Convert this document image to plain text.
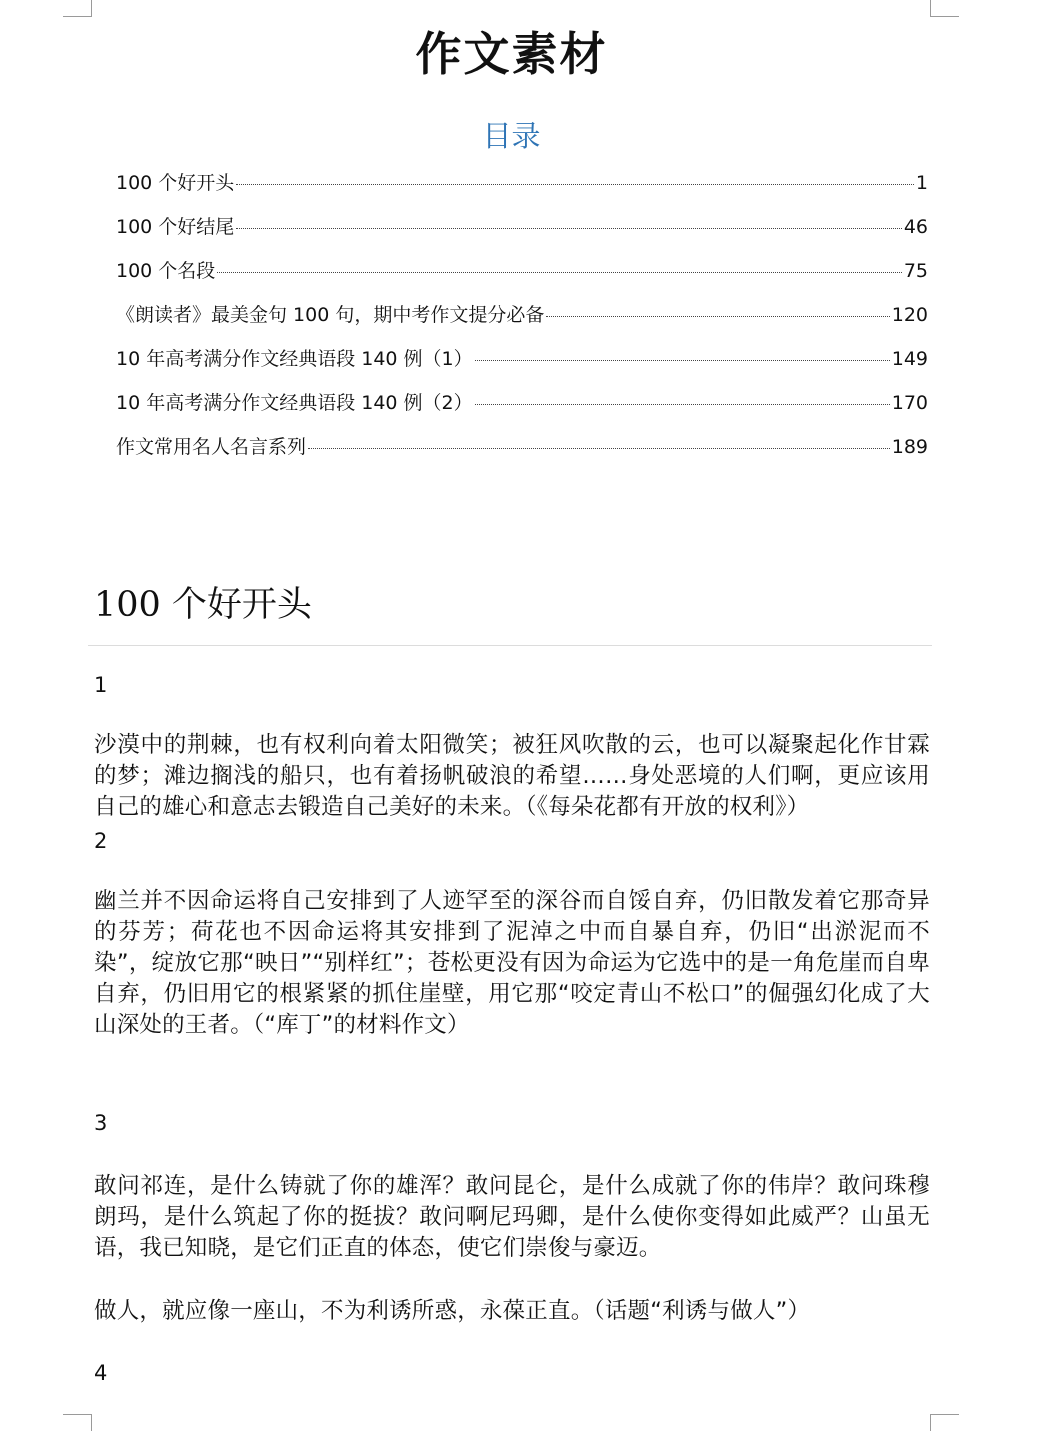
作文素材
目录
100 个好开头	1
100 个好结尾	46
100 个名段	75
《朗读者》最美金句 100 句，期中考作文提分必备	120
10 年高考满分作文经典语段 140 例（1）	149
10 年高考满分作文经典语段 140 例（2）	170
作文常用名人名言系列	189
100 个好开头
1
沙漠中的荆棘，也有权利向着太阳微笑；被狂风吹散的云，也可以凝聚起化作甘霖的梦；滩边搁浅的船只，也有着扬帆破浪的希望……身处恶境的人们啊，更应该用自己的雄心和意志去锻造自己美好的未来。（《每朵花都有开放的权利》）
2
幽兰并不因命运将自己安排到了人迹罕至的深谷而自馁自弃，仍旧散发着它那奇异的芬芳；荷花也不因命运将其安排到了泥淖之中而自暴自弃，仍旧“出淤泥而不染”，绽放它那“映日”“别样红”；苍松更没有因为命运为它选中的是一角危崖而自卑自弃，仍旧用它的根紧紧的抓住崖壁，用它那“咬定青山不松口”的倔强幻化成了大山深处的王者。（“库丁”的材料作文）
3
敢问祁连，是什么铸就了你的雄浑？敢问昆仑，是什么成就了你的伟岸？敢问珠穆朗玛，是什么筑起了你的挺拔？敢问啊尼玛卿，是什么使你变得如此威严？山虽无语，我已知晓，是它们正直的体态，使它们崇俊与豪迈。
做人，就应像一座山，不为利诱所惑，永葆正直。（话题“利诱与做人”）
4
